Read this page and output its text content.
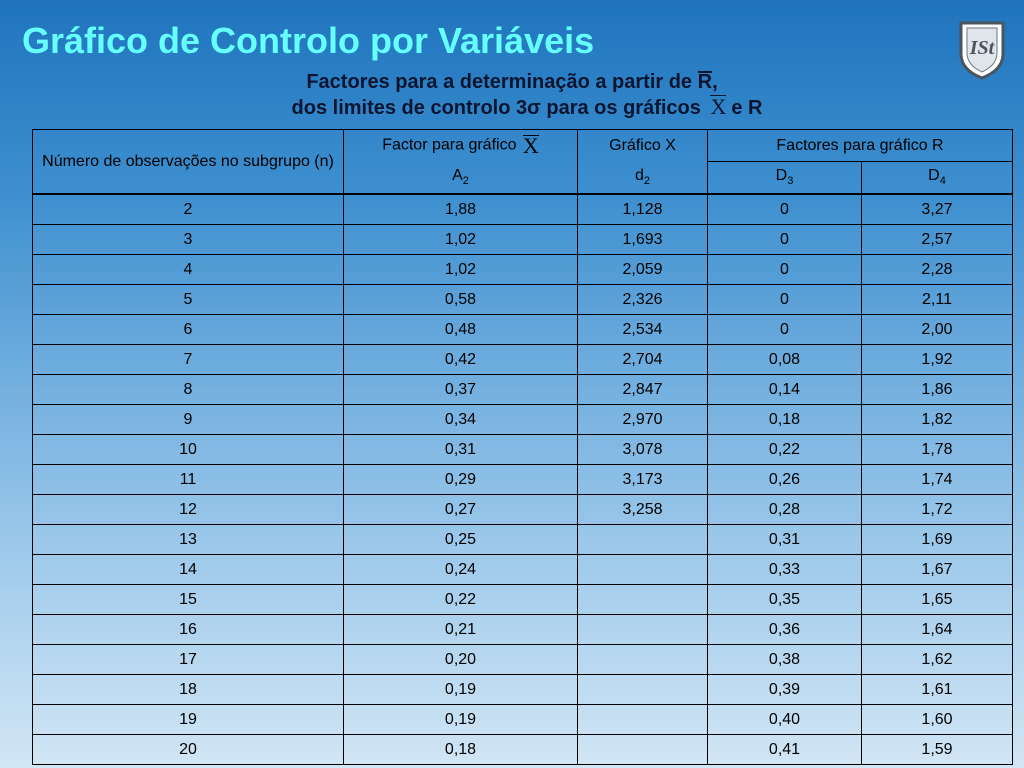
Gráfico de Controlo por Variáveis	ISt
Factores para a determinação a partir de R,
dos limites de controlo 3σ para os gráficos X e R
Número de observações no subgrupo (n)	Factor para gráfico X	Gráfico X	Factores para gráfico R	
	$A_2$	$d_2$	$D_3$	$D_4$
2	1,88	1,128	0	3,27
3	1,02	1,693	0	2,57
4	1,02	2,059	0	2,28
5	0,58	2,326	0	2,11
6	0,48	2,534	0	2,00
7	0,42	2,704	0,08	1,92
8	0,37	2,847	0,14	1,86
9	0,34	2,970	0,18	1,82
10	0,31	3,078	0,22	1,78
11	0,29	3,173	0,26	1,74
12	0,27	3,258	0,28	1,72
13	0,25		0,31	1,69
14	0,24		0,33	1,67
15	0,22		0,35	1,65
16	0,21		0,36	1,64
17	0,20		0,38	1,62
18	0,19		0,39	1,61
19	0,19		0,40	1,60
20	0,18		0,41	1,59
